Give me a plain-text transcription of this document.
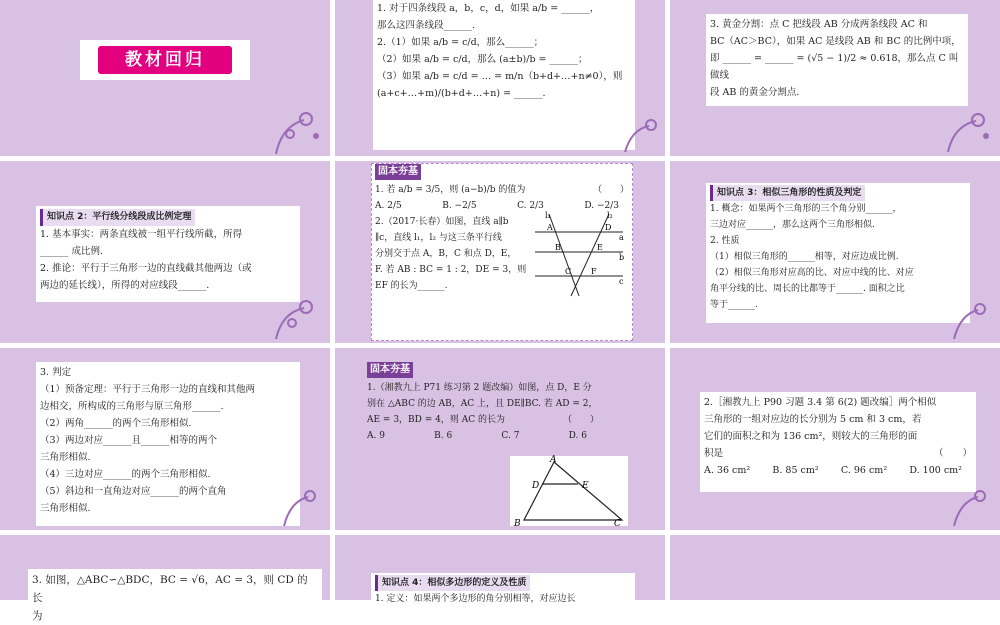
教材回归

1. 对于四条线段 a，b，c，d，如果 a/b = ______，

那么这四条线段______.

2.（1）如果 a/b = c/d，那么______；

（2）如果 a/b = c/d，那么 (a±b)/b = ______；

（3）如果 a/b = c/d = … = m/n（b+d+…+n≠0），则

(a+c+…+m)/(b+d+…+n) = ______.

3. 黄金分割：点 C 把线段 AB 分成两条线段 AC 和

BC（AC＞BC），如果 AC 是线段 AB 和 BC 的比例中项，

即 ______ = ______ = (√5 − 1)/2 ≈ 0.618，那么点 C 叫做线

段 AB 的黄金分割点.

知识点 2：平行线分线段成比例定理

1. 基本事实：两条直线被一组平行线所截，所得

______ 成比例.

2. 推论：平行于三角形一边的直线截其他两边（或

两边的延长线），所得的对应线段______.

固本夯基

1. 若 a/b = 3/5，则 (a−b)/b 的值为	（　　）

A. 2/5	B. −2/5	C. 2/3	D. −2/3

2.（2017·长春）如图，直线 a∥b

∥c，直线 l₁，l₂ 与这三条平行线

分别交于点 A，B，C 和点 D，E，

F. 若 AB : BC = 1 : 2，DE = 3，则

EF 的长为______.

l₁	l₂
A
B
C
D
E
F
a
b
c

知识点 3：相似三角形的性质及判定

1. 概念：如果两个三角形的三个角分别______，

三边对应______，那么这两个三角形相似.

2. 性质

（1）相似三角形的______相等，对应边成比例.

（2）相似三角形对应高的比、对应中线的比、对应

角平分线的比、周长的比都等于______. 面积之比

等于______.

3. 判定

（1）预备定理：平行于三角形一边的直线和其他两

边相交，所构成的三角形与原三角形______.

（2）两角______的两个三角形相似.

（3）两边对应______且______相等的两个

三角形相似.

（4）三边对应______的两个三角形相似.

（5）斜边和一直角边对应______的两个直角

三角形相似.

固本夯基

1.（湘教九上 P71 练习第 2 题改编）如图，点 D，E 分

别在 △ABC 的边 AB，AC 上，且 DE∥BC. 若 AD = 2，

AE = 3，BD = 4，则 AC 的长为	（　　）

A. 9	B. 6	C. 7	D. 6
A
D	E
B	C

2.［湘教九上 P90 习题 3.4 第 6(2) 题改编］两个相似

三角形的一组对应边的长分别为 5 cm 和 3 cm，若

它们的面积之和为 136 cm²，则较大的三角形的面

积是	（　　）

A. 36 cm² B. 85 cm² C. 96 cm² D. 100 cm²

3. 如图，△ABC∽△BDC，BC = √6，AC = 3，则 CD 的长

为

知识点 4：相似多边形的定义及性质

1. 定义：如果两个多边形的角分别相等，对应边长
